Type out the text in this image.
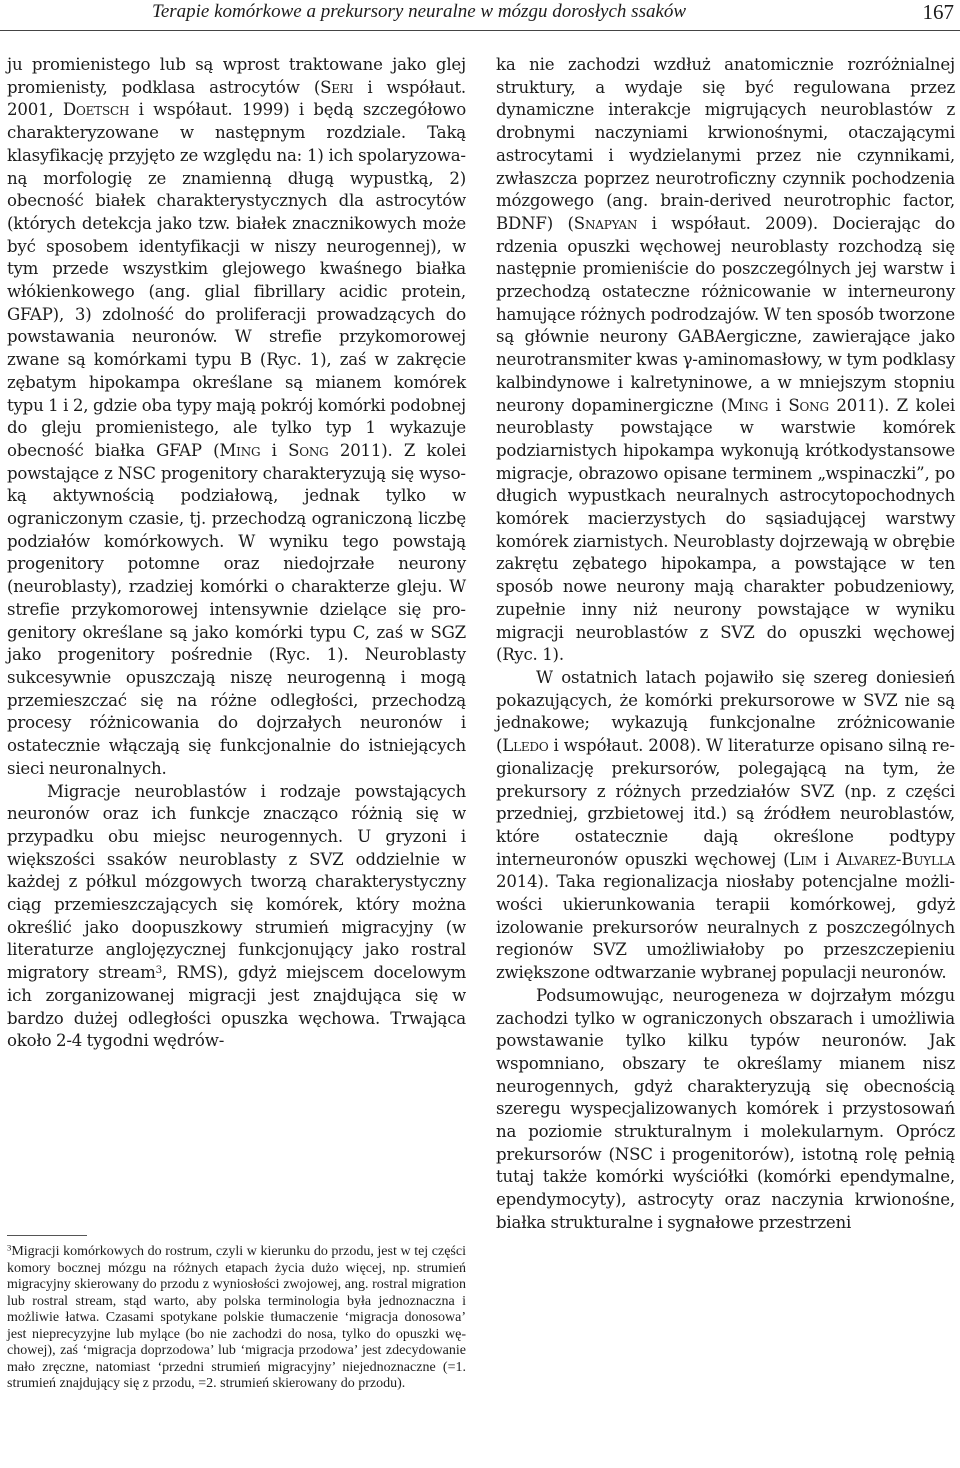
Terapie komórkowe a prekursory neuralne w mózgu dorosłych ssaków	167

ju promienistego lub są wprost traktowane jako glej promienisty, podklasa astrocytów (Seri i współaut. 2001, Doetsch i współaut. 1999) i będą szczegółowo charakteryzowane w następnym rozdziale. Taką klasyfikację przyjęto ze względu na: 1) ich spolaryzowaną morfologię ze znamienną długą wypustką, 2) obecność białek charakterystycznych dla astrocytów (których detekcja jako tzw. białek znacznikowych może być sposobem identyfikacji w niszy neurogennej), w tym przede wszystkim glejowego kwaśnego białka włókienkowego (ang. glial fibrillary acidic protein, GFAP), 3) zdolność do proliferacji prowadzących do powstawania neuronów. W strefie przykomorowej zwane są komórkami typu B (Ryc. 1), zaś w zakręcie zębatym hipokampa określane są mianem komórek typu 1 i 2, gdzie oba typy mają pokrój komórki podobnej do gleju promienistego, ale tylko typ 1 wykazuje obecność białka GFAP (Ming i Song 2011). Z kolei powstające z NSC progenitory charakteryzują się wysoką aktywnością podziałową, jednak tylko w ograniczonym czasie, tj. przechodzą ograniczoną liczbę podziałów komórkowych. W wyniku tego powstają progenitory potomne oraz niedojrzałe neurony (neuroblasty), rzadziej komórki o charakterze gleju. W strefie przykomorowej intensywnie dzielące się progenitory określane są jako komórki typu C, zaś w SGZ jako progenitory pośrednie (Ryc. 1). Neuroblasty sukcesywnie opuszczają niszę neurogenną i mogą przemieszczać się na różne odległości, przechodzą procesy różnicowania do dojrzałych neuronów i ostatecznie włączają się funkcjonalnie do istniejących sieci neuronalnych.

Migracje neuroblastów i rodzaje powstających neuronów oraz ich funkcje znacząco różnią się w przypadku obu miejsc neurogennych. U gryzoni i większości ssaków neuroblasty z SVZ oddzielnie w każdej z półkul mózgowych tworzą charakterystyczny ciąg przemieszczających się komórek, który można określić jako doopuszkowy strumień migracyjny (w literaturze anglojęzycznej funkcjonujący jako rostral migratory stream$^3$, RMS), gdyż miejscem docelowym ich zorganizowanej migracji jest znajdująca się w bardzo dużej odległości opuszka węchowa. Trwająca około 2-4 tygodni wędrów-

$^3$Migracji komórkowych do rostrum, czyli w kierunku do przodu, jest w tej części komory bocznej mózgu na różnych etapach życia dużo więcej, np. strumień migracyjny skierowany do przodu z wyniosłości zwojowej, ang. rostral migration lub rostral stream, stąd warto, aby polska terminologia była jednoznaczna i możliwie łatwa. Czasami spotykane polskie tłumaczenie ‘migracja donosowa’ jest nieprecyzyjne lub mylące (bo nie zachodzi do nosa, tylko do opuszki węchowej), zaś ‘migracja doprzodowa’ lub ‘migracja przodowa’ jest zdecydowanie mało zręczne, natomiast ‘przedni strumień migracyjny’ niejednoznaczne (=1. strumień znajdujący się z przodu, =2. strumień skierowany do przodu).

ka nie zachodzi wzdłuż anatomicznie rozróżnialnej struktury, a wydaje się być regulowana przez dynamiczne interakcje migrujących neuroblastów z drobnymi naczyniami krwionośnymi, otaczającymi astrocytami i wydzielanymi przez nie czynnikami, zwłaszcza poprzez neurotroficzny czynnik pochodzenia mózgowego (ang. brain-derived neurotrophic factor, BDNF) (Snapyan i współaut. 2009). Docierając do rdzenia opuszki węchowej neuroblasty rozchodzą się następnie promieniście do poszczególnych jej warstw i przechodzą ostateczne różnicowanie w interneurony hamujące różnych podrodzajów. W ten sposób tworzone są głównie neurony GABAergiczne, zawierające jako neurotransmiter kwas γ-aminomasłowy, w tym podklasy kalbindynowe i kalretyninowe, a w mniejszym stopniu neurony dopaminergiczne (Ming i Song 2011). Z kolei neuroblasty powstające w warstwie komórek podziarnistych hipokampa wykonują krótkodystansowe migracje, obrazowo opisane terminem „wspinaczki”, po długich wypustkach neuralnych astrocytopochodnych komórek macierzystych do sąsiadującej warstwy komórek ziarnistych. Neuroblasty dojrzewają w obrębie zakrętu zębatego hipokampa, a powstające w ten sposób nowe neurony mają charakter pobudzeniowy, zupełnie inny niż neurony powstające w wyniku migracji neuroblastów z SVZ do opuszki węchowej (Ryc. 1).

W ostatnich latach pojawiło się szereg doniesień pokazujących, że komórki prekursorowe w SVZ nie są jednakowe; wykazują funkcjonalne zróżnicowanie (Lledo i współaut. 2008). W literaturze opisano silną regionalizację prekursorów, polegającą na tym, że prekursory z różnych przedziałów SVZ (np. z części przedniej, grzbietowej itd.) są źródłem neuroblastów, które ostatecznie dają określone podtypy interneuronów opuszki węchowej (Lim i Alvarez-Buylla 2014). Taka regionalizacja niosłaby potencjalne możliwości ukierunkowania terapii komórkowej, gdyż izolowanie prekursorów neuralnych z poszczególnych regionów SVZ umożliwiałoby po przeszczepieniu zwiększone odtwarzanie wybranej populacji neuronów.

Podsumowując, neurogeneza w dojrzałym mózgu zachodzi tylko w ograniczonych obszarach i umożliwia powstawanie tylko kilku typów neuronów. Jak wspomniano, obszary te określamy mianem nisz neurogennych, gdyż charakteryzują się obecnością szeregu wyspecjalizowanych komórek i przystosowań na poziomie strukturalnym i molekularnym. Oprócz prekursorów (NSC i progenitorów), istotną rolę pełnią tutaj także komórki wyściółki (komórki ependymalne, ependymocyty), astrocyty oraz naczynia krwionośne, białka strukturalne i sygnałowe przestrzeni
